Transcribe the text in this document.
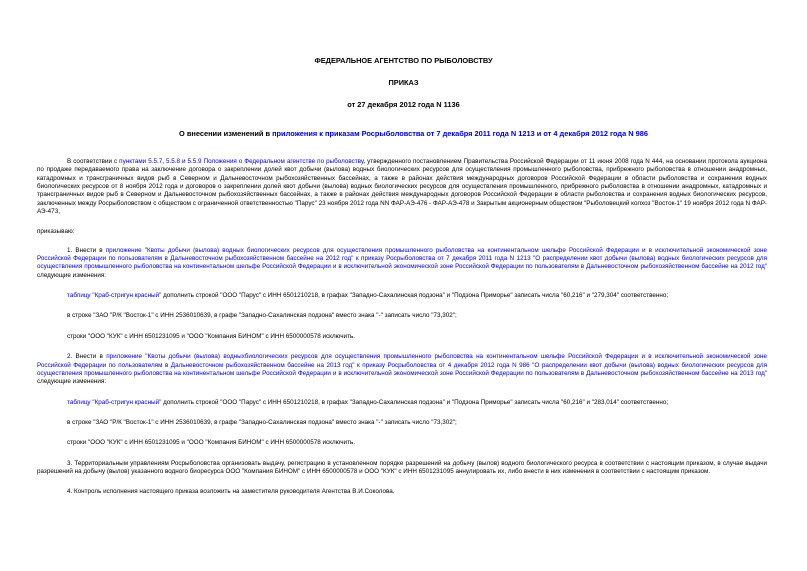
ФЕДЕРАЛЬНОЕ АГЕНТСТВО ПО РЫБОЛОВСТВУ

ПРИКАЗ

от 27 декабря 2012 года N 1136

О внесении изменений в приложения к приказам Росрыболовства от 7 декабря 2011 года N 1213 и от 4 декабря 2012 года N 986

В соответствии с пунктами 5.5.7, 5.5.8 и 5.5.9 Положения о Федеральном агентстве по рыболовству, утвержденного постановлением Правительства Российской Федерации от 11 июня 2008 года N 444, на основании протокола аукциона по продаже передаваемого права на заключение договора о закреплении долей квот добычи (вылова) водных биологических ресурсов для осуществления промышленного рыболовства, прибрежного рыболовства в отношении анадромных, катадромных и трансграничных видов рыб в Северном и Дальневосточном рыбохозяйственных бассейнах, а также в районах действия международных договоров Российской Федерации в области рыболовства и сохранения водных биологических ресурсов от 8 ноября 2012 года и договоров о закреплении долей квот добычи (вылова) водных биологических ресурсов для осуществления промышленного, прибрежного рыболовства в отношении анадромных, катадромных и трансграничных видов рыб в Северном и Дальневосточном рыбохозяйственных бассейнах, а также в районах действия международных договоров Российской Федерации в области рыболовства и сохранения водных биологических ресурсов, заключенных между Росрыболовством с обществом с ограниченной ответственностью "Парус" 23 ноября 2012 года NN ФАР-АЭ-476 - ФАР-АЭ-478 и Закрытым акционерным обществом "Рыболовецкий колхоз "Восток-1" 19 ноября 2012 года N ФАР-АЭ-473,

приказываю:

1. Внести в приложение "Квоты добычи (вылова) водных биологических ресурсов для осуществления промышленного рыболовства на континентальном шельфе Российской Федерации и в исключительной экономической зоне Российской Федерации по пользователям в Дальневосточном рыбохозяйственном бассейне на 2012 год" к приказу Росрыболовства от 7 декабря 2011 года N 1213 "О распределении квот добычи (вылова) водных биологических ресурсов для осуществления промышленного рыболовства на континентальном шельфе Российской Федерации и в исключительной экономической зоне Российской Федерации по пользователям в Дальневосточном рыбохозяйственном бассейне на 2012 год" следующие изменения:

таблицу "Краб-стригун красный" дополнить строкой "ООО "Парус" с ИНН 6501210218, в графах "Западно-Сахалинская подзона" и "Подзона Приморье" записать числа "60,216" и "279,304" соответственно;

в строке "ЗАО "Р/К "Восток-1" с ИНН 2536010639, в графе "Западно-Сахалинская подзона" вместо знака "-" записать число "73,302";

строки "ООО "КУК" с ИНН 6501231095 и "ООО "Компания БИНОМ" с ИНН 6500000578 исключить.

2. Внести в приложение "Квоты добычи (вылова) водныхбиологических ресурсов для осуществления промышленного рыболовства на континентальном шельфе Российской Федерации и в исключительной экономической зоне Российской Федерации по пользователям в Дальневосточном рыбохозяйственном бассейне на 2013 год" к приказу Росрыболовства от 4 декабря 2012 года N 986 "О распределении квот добычи (вылова) водных биологических ресурсов для осуществления промышленного рыболовства на континентальном шельфе Российской Федерации и в исключительной экономической зоне Российской Федерации по пользователям в Дальневосточном рыбохозяйственном бассейне на 2013 год" следующие изменения:

таблицу "Краб-стригун красный" дополнить строкой "ООО "Парус" с ИНН 6501210218, в графах "Западно-Сахалинская подзона" и "Подзона Приморье" записать числа "60,216" и "283,014" соответственно;

в строке "ЗАО "Р/К "Восток-1" с ИНН 2536010639, в графе "Западно-Сахалинская подзона" вместо знака "-" записать число "73,302";

строки "ООО "КУК" с ИНН 6501231095 и "ООО "Компания БИНОМ" с ИНН 6500000578 исключить.

3. Территориальным управлениям Росрыболовства организовать выдачу, регистрацию в установленном порядке разрешений на добычу (вылов) водного биологического ресурса в соответствии с настоящим приказом, в случае выдачи разрешений на добычу (вылов) указанного водного биоресурса ООО "Компания БИНОМ" с ИНН 6500000578 и ООО "КУК" с ИНН 6501231095 аннулировать их, либо внести в них изменения в соответствии с настоящим приказом.

4. Контроль исполнения настоящего приказа возложить на заместителя руководителя Агентства В.И.Соколова.
